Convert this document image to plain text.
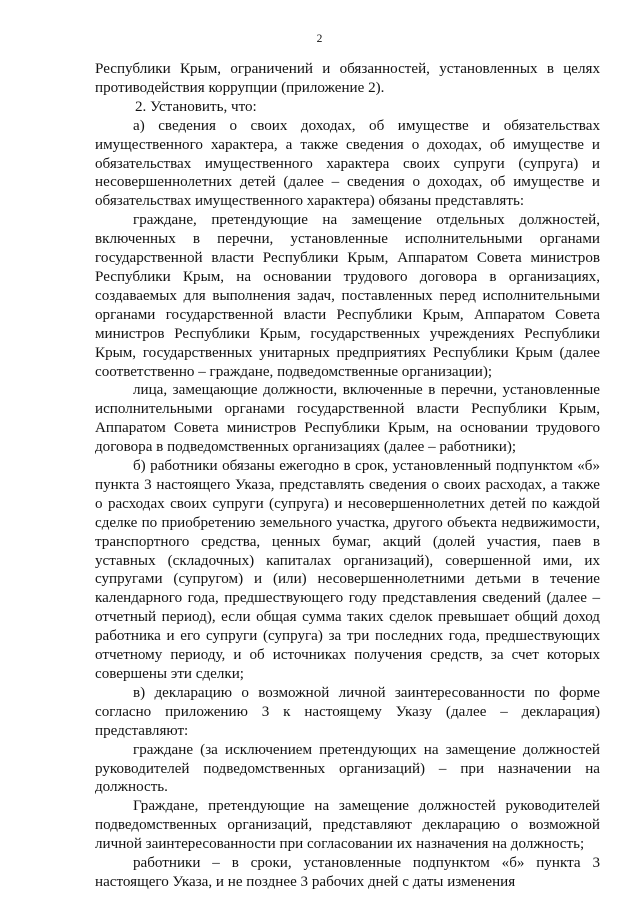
2

Республики Крым, ограничений и обязанностей, установленных в целях противодействия коррупции (приложение 2).

2. Установить, что:

а) сведения о своих доходах, об имуществе и обязательствах имущественного характера, а также сведения о доходах, об имуществе и обязательствах имущественного характера своих супруги (супруга) и несовершеннолетних детей (далее – сведения о доходах, об имуществе и обязательствах имущественного характера) обязаны представлять:

граждане, претендующие на замещение отдельных должностей, включенных в перечни, установленные исполнительными органами государственной власти Республики Крым, Аппаратом Совета министров Республики Крым, на основании трудового договора в организациях, создаваемых для выполнения задач, поставленных перед исполнительными органами государственной власти Республики Крым, Аппаратом Совета министров Республики Крым, государственных учреждениях Республики Крым, государственных унитарных предприятиях Республики Крым (далее соответственно – граждане, подведомственные организации);

лица, замещающие должности, включенные в перечни, установленные исполнительными органами государственной власти Республики Крым, Аппаратом Совета министров Республики Крым, на основании трудового договора в подведомственных организациях (далее – работники);

б) работники обязаны ежегодно в срок, установленный подпунктом «б» пункта 3 настоящего Указа, представлять сведения о своих расходах, а также о расходах своих супруги (супруга) и несовершеннолетних детей по каждой сделке по приобретению земельного участка, другого объекта недвижимости, транспортного средства, ценных бумаг, акций (долей участия, паев в уставных (складочных) капиталах организаций), совершенной ими, их супругами (супругом) и (или) несовершеннолетними детьми в течение календарного года, предшествующего году представления сведений (далее – отчетный период), если общая сумма таких сделок превышает общий доход работника и его супруги (супруга) за три последних года, предшествующих отчетному периоду, и об источниках получения средств, за счет которых совершены эти сделки;

в) декларацию о возможной личной заинтересованности по форме согласно приложению 3 к настоящему Указу (далее – декларация) представляют:

граждане (за исключением претендующих на замещение должностей руководителей подведомственных организаций) – при назначении на должность.

Граждане, претендующие на замещение должностей руководителей подведомственных организаций, представляют декларацию о возможной личной заинтересованности при согласовании их назначения на должность;

работники – в сроки, установленные подпунктом «б» пункта 3 настоящего Указа, и не позднее 3 рабочих дней с даты изменения
